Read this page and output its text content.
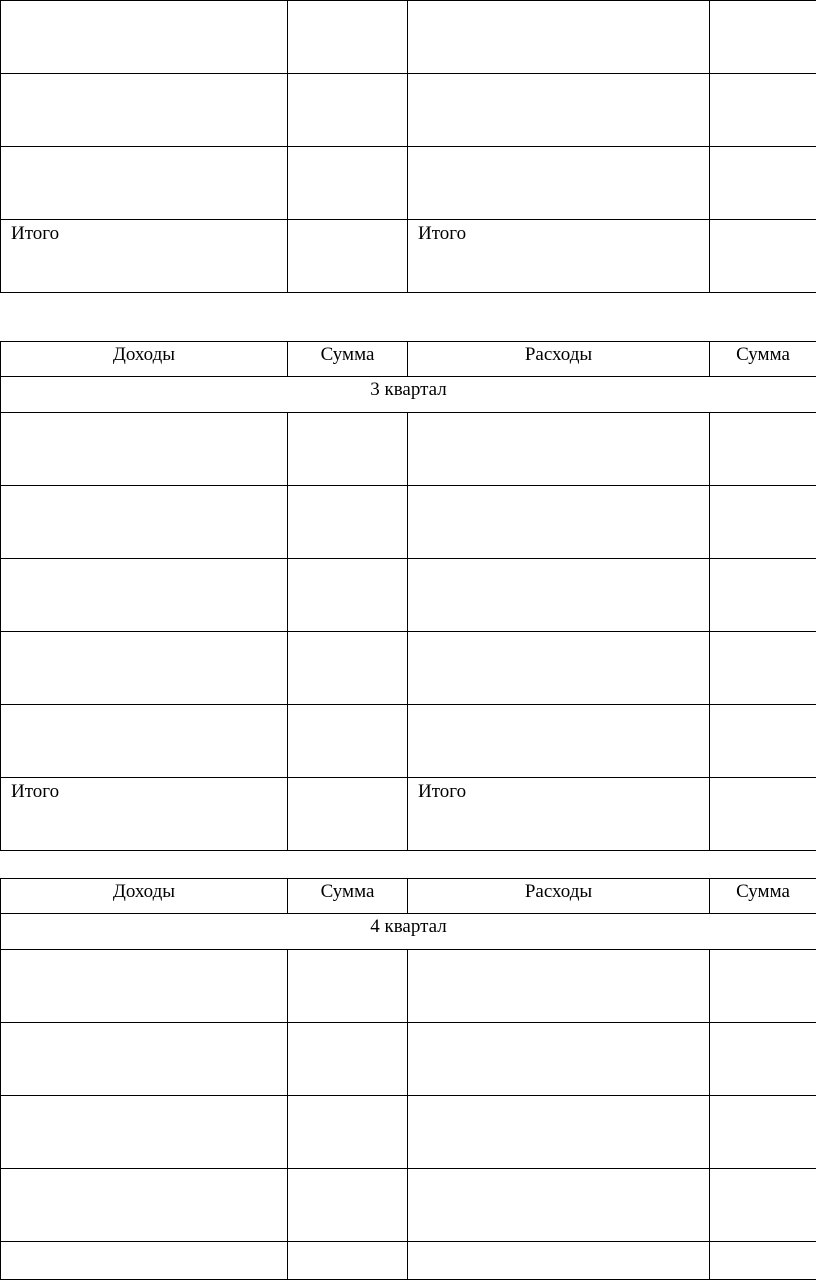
Итого		Итого	
Доходы	Сумма	Расходы	Сумма
3 квартал			

Итого		Итого	
Доходы	Сумма	Расходы	Сумма
4 квартал			
